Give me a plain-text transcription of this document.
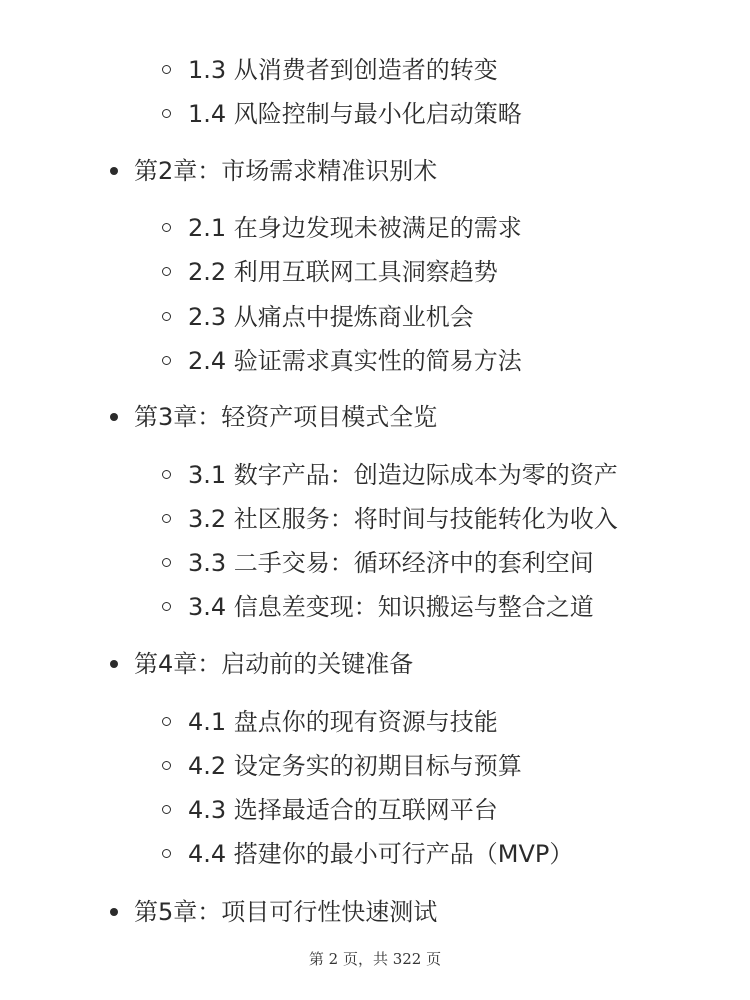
1.3 从消费者到创造者的转变
1.4 风险控制与最小化启动策略
第2章：市场需求精准识别术
2.1 在身边发现未被满足的需求
2.2 利用互联网工具洞察趋势
2.3 从痛点中提炼商业机会
2.4 验证需求真实性的简易方法
第3章：轻资产项目模式全览
3.1 数字产品：创造边际成本为零的资产
3.2 社区服务：将时间与技能转化为收入
3.3 二手交易：循环经济中的套利空间
3.4 信息差变现：知识搬运与整合之道
第4章：启动前的关键准备
4.1 盘点你的现有资源与技能
4.2 设定务实的初期目标与预算
4.3 选择最适合的互联网平台
4.4 搭建你的最小可行产品（MVP）
第5章：项目可行性快速测试
第 2 页，共 322 页
